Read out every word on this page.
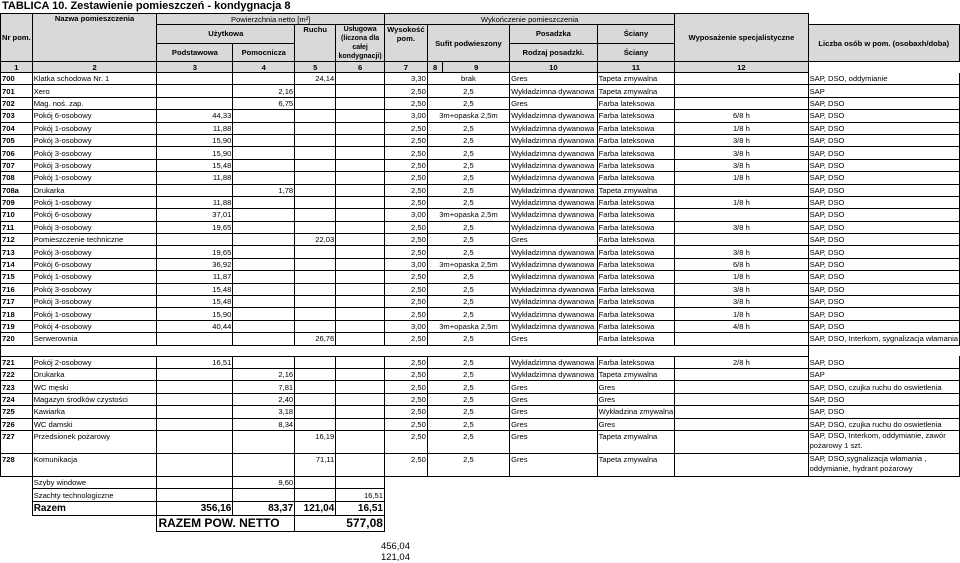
TABLICA 10. Zestawienie pomieszczeń - kondygnacja 8
Nr pom.	Nazwa pomieszczenia	Powierzchnia netto [m²]				Wykończenie pomieszczenia					Wyposażenie specjalistyczne	
		Użytkowa		Ruchu	Usługowa (liczona dla całej kondygnacji)	Wysokość pom.	Sufit podwieszony		Posadzka	Ściany		Liczba osób w pom. (osobaxh/doba)
		Podstawowa	Pomocnicza						Rodzaj posadzki.	Ściany		
1	2	3	4	5	6	7	8	9	10	11	12	
700	Klatka schodowa Nr. 1			24,14		3,30	brak		Gres	Tapeta zmywalna		SAP, DSO, oddymianie
701	Xero		2,16			2,50	2,5		Wykładzimna dywanowa	Tapeta zmywalna		SAP
702	Mag. noś. zap.		6,75			2,50	2,5		Gres	Farba lateksowa		SAP, DSO
703	Pokój 6-osobowy	44,33				3,00	3m+opaska 2,5m		Wykładzimna dywanowa	Farba lateksowa	6/8 h	SAP, DSO
704	Pokój 1-osobowy	11,88				2,50	2,5		Wykładzimna dywanowa	Farba lateksowa	1/8 h	SAP, DSO
705	Pokój 3-osobowy	15,90				2,50	2,5		Wykładzimna dywanowa	Farba lateksowa	3/8 h	SAP, DSO
706	Pokój 3-osobowy	15,90				2,50	2,5		Wykładzimna dywanowa	Farba lateksowa	3/8 h	SAP, DSO
707	Pokój 3-osobowy	15,48				2,50	2,5		Wykładzimna dywanowa	Farba lateksowa	3/8 h	SAP, DSO
708	Pokój 1-osobowy	11,88				2,50	2,5		Wykładzimna dywanowa	Farba lateksowa	1/8 h	SAP, DSO
708a	Drukarka		1,78			2,50	2,5		Wykładzimna dywanowa	Tapeta zmywalna		SAP, DSO
709	Pokój 1-osobowy	11,88				2,50	2,5		Wykładzimna dywanowa	Farba lateksowa	1/8 h	SAP, DSO
710	Pokój 6-osobowy	37,01				3,00	3m+opaska 2,5m		Wykładzimna dywanowa	Farba lateksowa		SAP, DSO
711	Pokój 3-osobowy	19,65				2,50	2,5		Wykładzimna dywanowa	Farba lateksowa	3/8 h	SAP, DSO
712	Pomieszczenie techniczne			22,03		2,50	2,5		Gres	Farba lateksowa		SAP, DSO
713	Pokój 3-osobowy	19,65				2,50	2,5		Wykładzimna dywanowa	Farba lateksowa	3/8 h	SAP, DSO
714	Pokój 6-osobowy	36,92				3,00	3m+opaska 2,5m		Wykładzimna dywanowa	Farba lateksowa	6/8 h	SAP, DSO
715	Pokój 1-osobowy	11,87				2,50	2,5		Wykładzimna dywanowa	Farba lateksowa	1/8 h	SAP, DSO
716	Pokój 3-osobowy	15,48				2,50	2,5		Wykładzimna dywanowa	Farba lateksowa	3/8 h	SAP, DSO
717	Pokój 3-osobowy	15,48				2,50	2,5		Wykładzimna dywanowa	Farba lateksowa	3/8 h	SAP, DSO
718	Pokój 1-osobowy	15,90				2,50	2,5		Wykładzimna dywanowa	Farba lateksowa	1/8 h	SAP, DSO
719	Pokój 4-osobowy	40,44				3,00	3m+opaska 2,5m		Wykładzimna dywanowa	Farba lateksowa	4/8 h	SAP, DSO
720	Serwerownia			26,76		2,50	2,5		Gres	Farba lateksowa		SAP, DSO, Interkom, sygnalizacja włamania

721	Pokój 2-osobowy	16,51				2,50	2,5		Wykładzimna dywanowa	Farba lateksowa	2/8 h	SAP, DSO
722	Drukarka		2,16			2,50	2,5		Wykładzimna dywanowa	Tapeta zmywalna		SAP
723	WC męski		7,81			2,50	2,5		Gres	Gres		SAP, DSO, czujka ruchu do oswietlenia
724	Magazyn środków czystości		2,40			2,50	2,5		Gres	Gres		SAP, DSO
725	Kawiarka		3,18			2,50	2,5		Gres	Wykładzina zmywalna		SAP, DSO
726	WC damski		8,34			2,50	2,5		Gres	Gres		SAP, DSO, czujka ruchu do oswietlenia
727	Przedsionek pożarowy			16,19		2,50	2,5		Gres	Tapeta zmywalna		SAP, DSO, Interkom, oddymianie, zawór pożarowy 1 szt.
728	Komunikacja			71,11		2,50	2,5		Gres	Tapeta zmywalna		SAP, DSO,sygnalizacja włamania , oddymianie, hydrant pożarowy
	Szyby windowe		9,60									
	Szachty technologiczne				16,51							
	Razem	356,16	83,37	121,04	16,51							
		RAZEM POW. NETTO		577,08								
456,04
121,04
